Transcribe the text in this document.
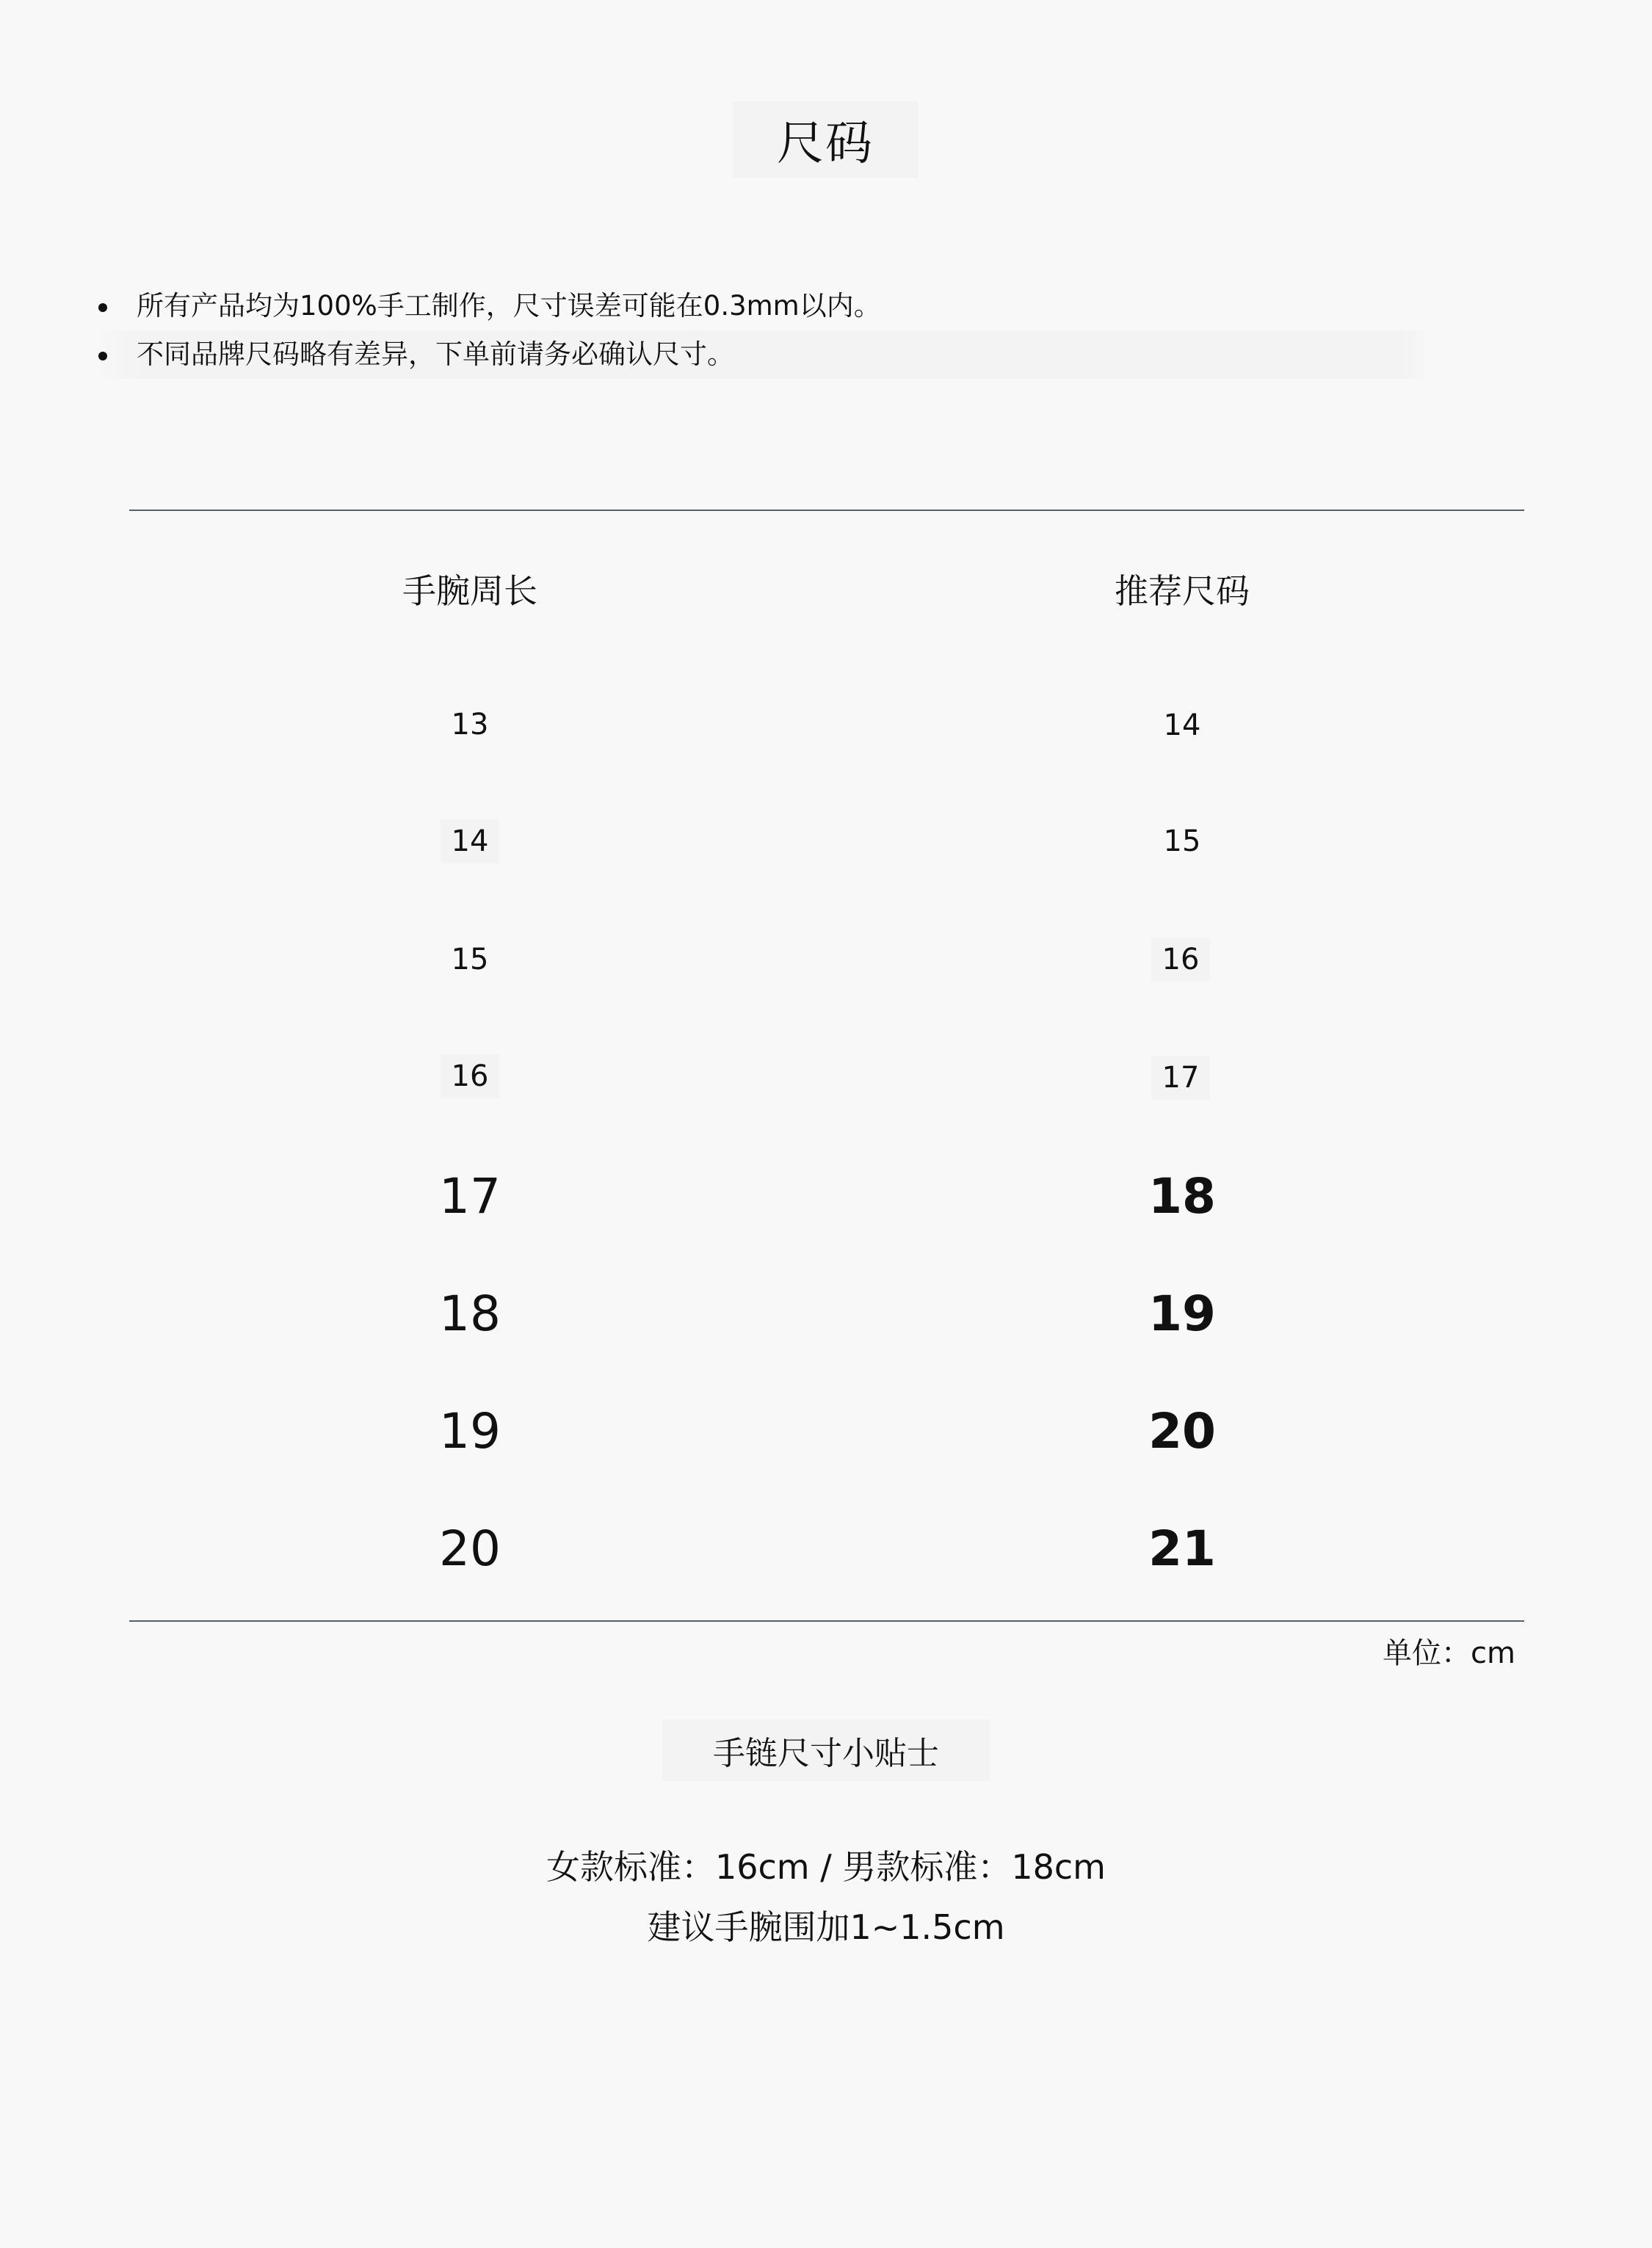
尺码
所有产品均为100%手工制作，尺寸误差可能在0.3mm以内。
不同品牌尺码略有差异，下单前请务必确认尺寸。
手腕周长	推荐尺码
13	14
14	15
15	16
16	17
17	18
18	19
19	20
20	21
单位：cm
手链尺寸小贴士
女款标准：16cm / 男款标准：18cm
建议手腕围加1~1.5cm
